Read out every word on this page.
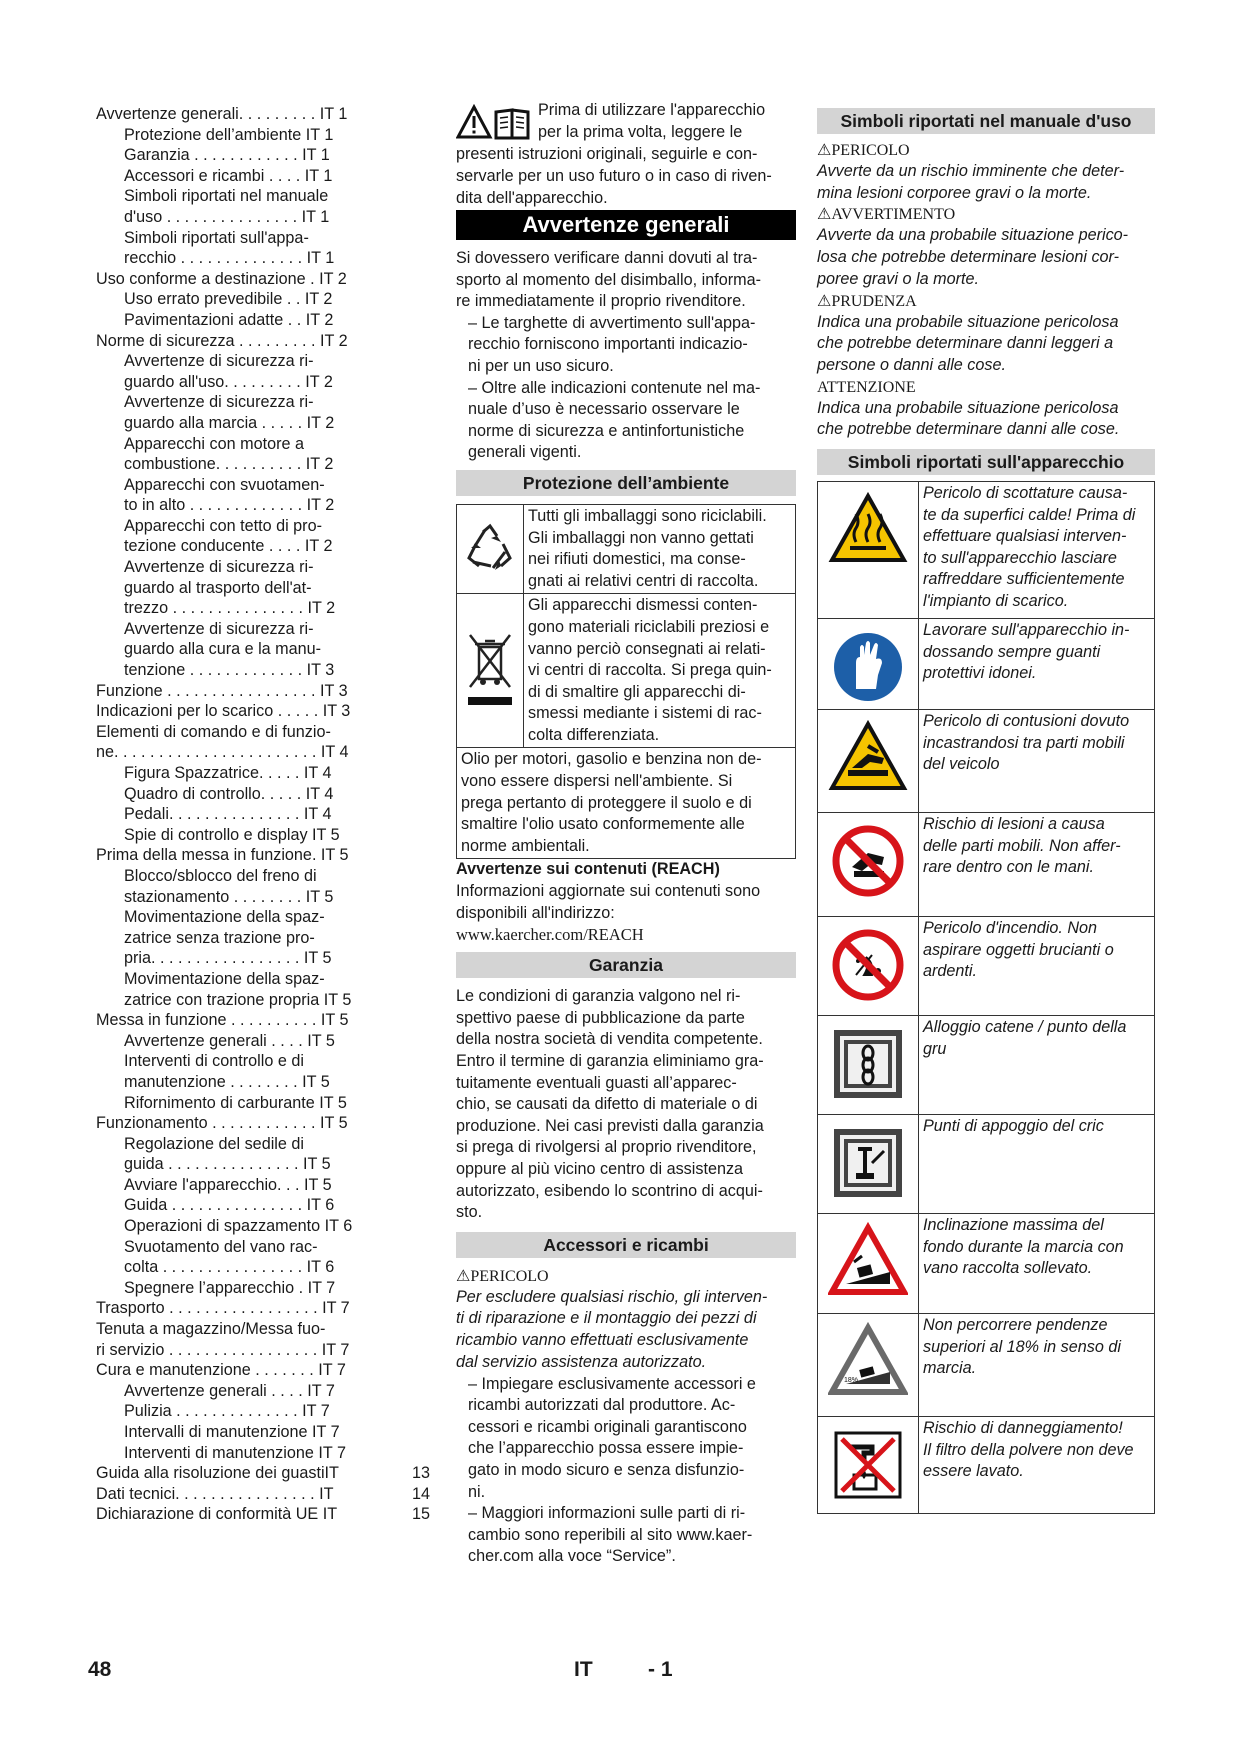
Avvertenze generali. . . . . . . . . IT 1
Protezione dell’ambiente IT 1
Garanzia . . . . . . . . . . . . IT 1
Accessori e ricambi . . . . IT 1
Simboli riportati nel manuale
d'uso . . . . . . . . . . . . . . . IT 1
Simboli riportati sull'appa-
recchio . . . . . . . . . . . . . . IT 1
Uso conforme a destinazione . IT 2
Uso errato prevedibile . . IT 2
Pavimentazioni adatte . . IT 2
Norme di sicurezza . . . . . . . . . IT 2
Avvertenze di sicurezza ri-
guardo all'uso. . . . . . . . . IT 2
Avvertenze di sicurezza ri-
guardo alla marcia . . . . . IT 2
Apparecchi con motore a
combustione. . . . . . . . . . IT 2
Apparecchi con svuotamen-
to in alto . . . . . . . . . . . . . IT 2
Apparecchi con tetto di pro-
tezione conducente . . . . IT 2
Avvertenze di sicurezza ri-
guardo al trasporto dell'at-
trezzo . . . . . . . . . . . . . . . IT 2
Avvertenze di sicurezza ri-
guardo alla cura e la manu-
tenzione . . . . . . . . . . . . . IT 3
Funzione . . . . . . . . . . . . . . . . . IT 3
Indicazioni per lo scarico . . . . . IT 3
Elementi di comando e di funzio-
ne. . . . . . . . . . . . . . . . . . . . . . . IT 4
Figura Spazzatrice. . . . . IT 4
Quadro di controllo. . . . . IT 4
Pedali. . . . . . . . . . . . . . . IT 4
Spie di controllo e display IT 5
Prima della messa in funzione. IT 5
Blocco/sblocco del freno di
stazionamento . . . . . . . . IT 5
Movimentazione della spaz-
zatrice senza trazione pro-
pria. . . . . . . . . . . . . . . . . IT 5
Movimentazione della spaz-
zatrice con trazione propria IT 5
Messa in funzione . . . . . . . . . . IT 5
Avvertenze generali . . . . IT 5
Interventi di controllo e di
manutenzione . . . . . . . . IT 5
Rifornimento di carburante IT 5
Funzionamento . . . . . . . . . . . . IT 5
Regolazione del sedile di
guida . . . . . . . . . . . . . . . IT 5
Avviare l'apparecchio. . . IT 5
Guida . . . . . . . . . . . . . . . IT 6
Operazioni di spazzamento IT 6
Svuotamento del vano rac-
colta . . . . . . . . . . . . . . . . IT 6
Spegnere l’apparecchio . IT 7
Trasporto . . . . . . . . . . . . . . . . . IT 7
Tenuta a magazzino/Messa fuo-
ri servizio . . . . . . . . . . . . . . . . . IT 7
Cura e manutenzione . . . . . . . IT 7
Avvertenze generali . . . . IT 7
Pulizia . . . . . . . . . . . . . . IT 7
Intervalli di manutenzione IT 7
Interventi di manutenzione IT 7
Guida alla risoluzione dei guastiIT	13
Dati tecnici. . . . . . . . . . . . . . . . IT	14
Dichiarazione di conformità UE IT	15

Prima di utilizzare l'apparecchio

per la prima volta, leggere le

presenti istruzioni originali, seguirle e con-

servarle per un uso futuro o in caso di riven-

dita dell'apparecchio.

Avvertenze generali
Si dovessero verificare danni dovuti al tra-
sporto al momento del disimballo, informa-
re immediatamente il proprio rivenditore.
– Le targhette di avvertimento sull'appa-
recchio forniscono importanti indicazio-
ni per un uso sicuro.
– Oltre alle indicazioni contenute nel ma-
nuale d’uso è necessario osservare le
norme di sicurezza e antinfortunistiche
generali vigenti.
Protezione dell’ambiente
Tutti gli imballaggi sono riciclabili.
Gli imballaggi non vanno gettati
nei rifiuti domestici, ma conse-
gnati ai relativi centri di raccolta.
Gli apparecchi dismessi conten-
gono materiali riciclabili preziosi e
vanno perciò consegnati ai relati-
vi centri di raccolta. Si prega quin-
di di smaltire gli apparecchi di-
smessi mediante i sistemi di rac-
colta differenziata.
Olio per motori, gasolio e benzina non de-
vono essere dispersi nell'ambiente. Si
prega pertanto di proteggere il suolo e di
smaltire l'olio usato conformemente alle
norme ambientali.

Avvertenze sui contenuti (REACH)

Informazioni aggiornate sui contenuti sono
disponibili all'indirizzo:

www.kaercher.com/REACH

Garanzia
Le condizioni di garanzia valgono nel ri-
spettivo paese di pubblicazione da parte
della nostra società di vendita competente.
Entro il termine di garanzia eliminiamo gra-
tuitamente eventuali guasti all’apparec-
chio, se causati da difetto di materiale o di
produzione. Nei casi previsti dalla garanzia
si prega di rivolgersi al proprio rivenditore,
oppure al più vicino centro di assistenza
autorizzato, esibendo lo scontrino di acqui-
sto.
Accessori e ricambi

⚠PERICOLO

Per escludere qualsiasi rischio, gli interven-
ti di riparazione e il montaggio dei pezzi di
ricambio vanno effettuati esclusivamente
dal servizio assistenza autorizzato.
– Impiegare esclusivamente accessori e
ricambi autorizzati dal produttore. Ac-
cessori e ricambi originali garantiscono
che l’apparecchio possa essere impie-
gato in modo sicuro e senza disfunzio-
ni.
– Maggiori informazioni sulle parti di ri-
cambio sono reperibili al sito www.kaer-
cher.com alla voce “Service”.
Simboli riportati nel manuale d'uso

⚠PERICOLO

Avverte da un rischio imminente che deter-
mina lesioni corporee gravi o la morte.

⚠AVVERTIMENTO

Avverte da una probabile situazione perico-
losa che potrebbe determinare lesioni cor-
poree gravi o la morte.

⚠PRUDENZA

Indica una probabile situazione pericolosa
che potrebbe determinare danni leggeri a
persone o danni alle cose.

ATTENZIONE

Indica una probabile situazione pericolosa
che potrebbe determinare danni alle cose.
Simboli riportati sull'apparecchio
Pericolo di scottature causa-
te da superfici calde! Prima di
effettuare qualsiasi interven-
to sull'apparecchio lasciare
raffreddare sufficientemente
l'impianto di scarico.
Lavorare sull'apparecchio in-
dossando sempre guanti
protettivi idonei.
Pericolo di contusioni dovuto
incastrandosi tra parti mobili
del veicolo
Rischio di lesioni a causa
delle parti mobili. Non affer-
rare dentro con le mani.
Pericolo d'incendio. Non
aspirare oggetti brucianti o
ardenti.
Alloggio catene / punto della
gru
Punti di appoggio del cric
Inclinazione massima del
fondo durante la marcia con
vano raccolta sollevato.
18%
Non percorrere pendenze
superiori al 18% in senso di
marcia.
Rischio di danneggiamento!
Il filtro della polvere non deve
essere lavato.
48	IT	- 1
